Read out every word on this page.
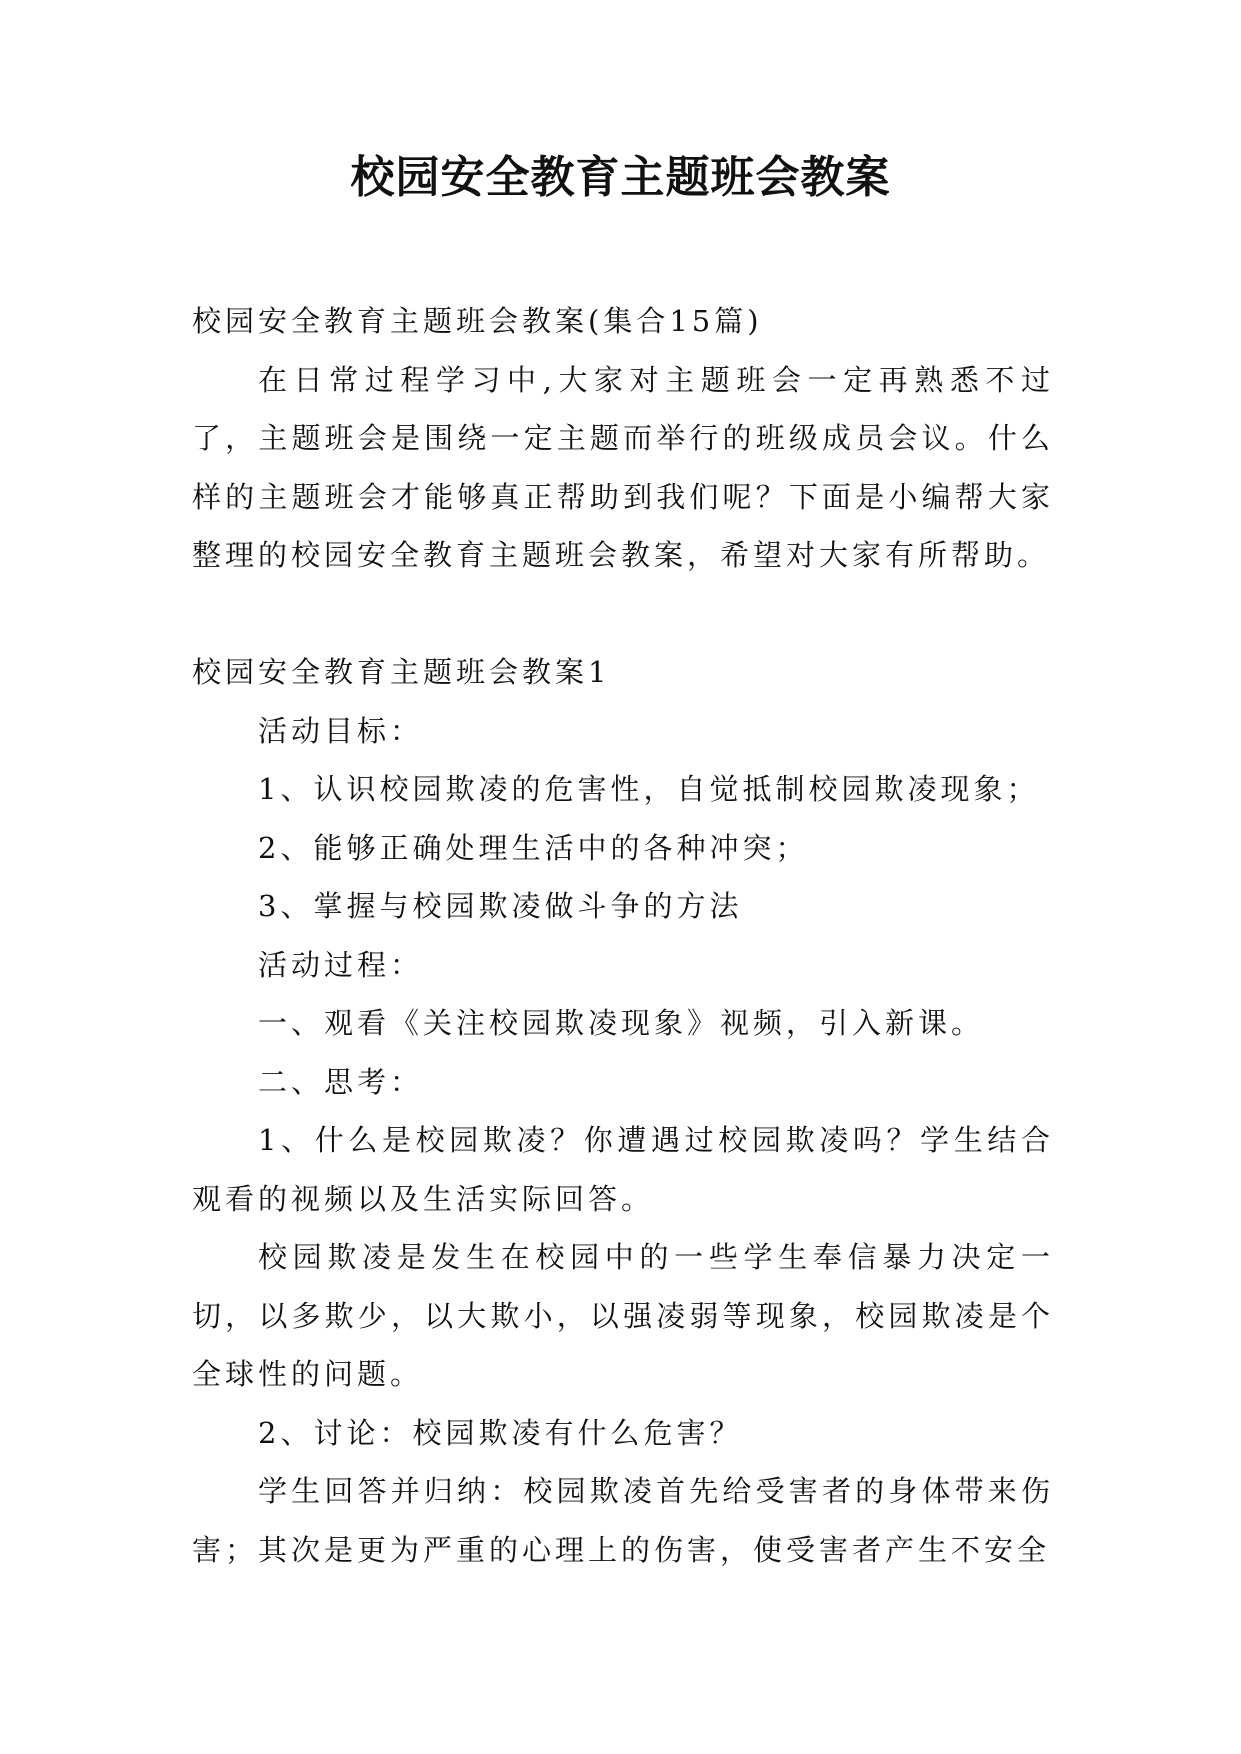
校园安全教育主题班会教案

校园安全教育主题班会教案(集合15篇)

在日常过程学习中,大家对主题班会一定再熟悉不过了，主题班会是围绕一定主题而举行的班级成员会议。什么样的主题班会才能够真正帮助到我们呢？下面是小编帮大家整理的校园安全教育主题班会教案，希望对大家有所帮助。

校园安全教育主题班会教案1

活动目标：

1、认识校园欺凌的危害性，自觉抵制校园欺凌现象；

2、能够正确处理生活中的各种冲突；

3、掌握与校园欺凌做斗争的方法

活动过程：

一、观看《关注校园欺凌现象》视频，引入新课。

二、思考：

1、什么是校园欺凌？你遭遇过校园欺凌吗？学生结合观看的视频以及生活实际回答。

校园欺凌是发生在校园中的一些学生奉信暴力决定一切，以多欺少，以大欺小，以强凌弱等现象，校园欺凌是个全球性的问题。

2、讨论：校园欺凌有什么危害？

学生回答并归纳：校园欺凌首先给受害者的身体带来伤害；其次是更为严重的心理上的伤害，使受害者产生不安全
